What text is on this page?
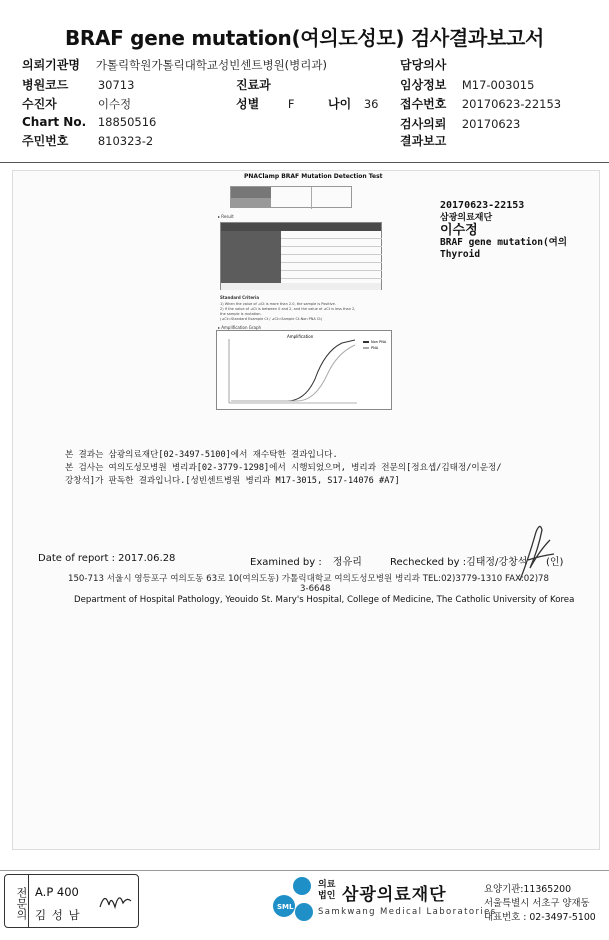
BRAF gene mutation(여의도성모) 검사결과보고서
의뢰기관명 가톨릭학원가톨릭대학교성빈센트병원(병리과)	담당의사
병원코드	30713	진료과	임상정보 M17-003015
수진자	이수정	성별 F	나이 36 접수번호 20170623-22153
Chart No. 18850516	검사의뢰 20170623
주민번호	810323-2	결과보고
PNAClamp BRAF Mutation Detection Test
▸ Result
Standard Criteria
1) When the value of ⊿Ct is more than 2.0, the sample is Positive.
2) If the value of ⊿Ct is between 0 and 2, and the value of ⊿Ct is less than 2,
the sample is mutation.
(⊿Ct=Standard Example Ct / ⊿Ct=Sample Ct-Non PNA Ct)
▸ Amplification Graph
Amplification
Non PNA
PNA
20170623-22153
삼광의료재단
이수정
BRAF gene mutation(여의
Thyroid
본 결과는 삼광의료재단[02-3497-5100]에서 재수탁한 결과입니다.
본 검사는 여의도성모병원 병리과[02-3779-1298]에서 시행되었으며, 병리과 전문의[정요셉/김태정/이운정/
강창석]가 판독한 결과입니다.[성빈센트병원 병리과 M17-3015, S17-14076 #A7]
Date of report : 2017.06.28	Examined by : 정유리	Rechecked by :김태정/강창석 (인)
150-713 서울시 영등포구 여의도동 63로 10(여의도동) 가톨릭대학교 여의도성모병원 병리과 TEL:02)3779-1310 FAX:02)78
3-6648
Department of Hospital Pathology, Yeouido St. Mary's Hospital, College of Medicine, The Catholic University of Korea
전문의 A.P 400
김 성 남
SML
의료법인 삼광의료재단
Samkwang Medical Laboratories
요양기관:11365200
서울특별시 서초구 양재동
대표번호 : 02-3497-5100
